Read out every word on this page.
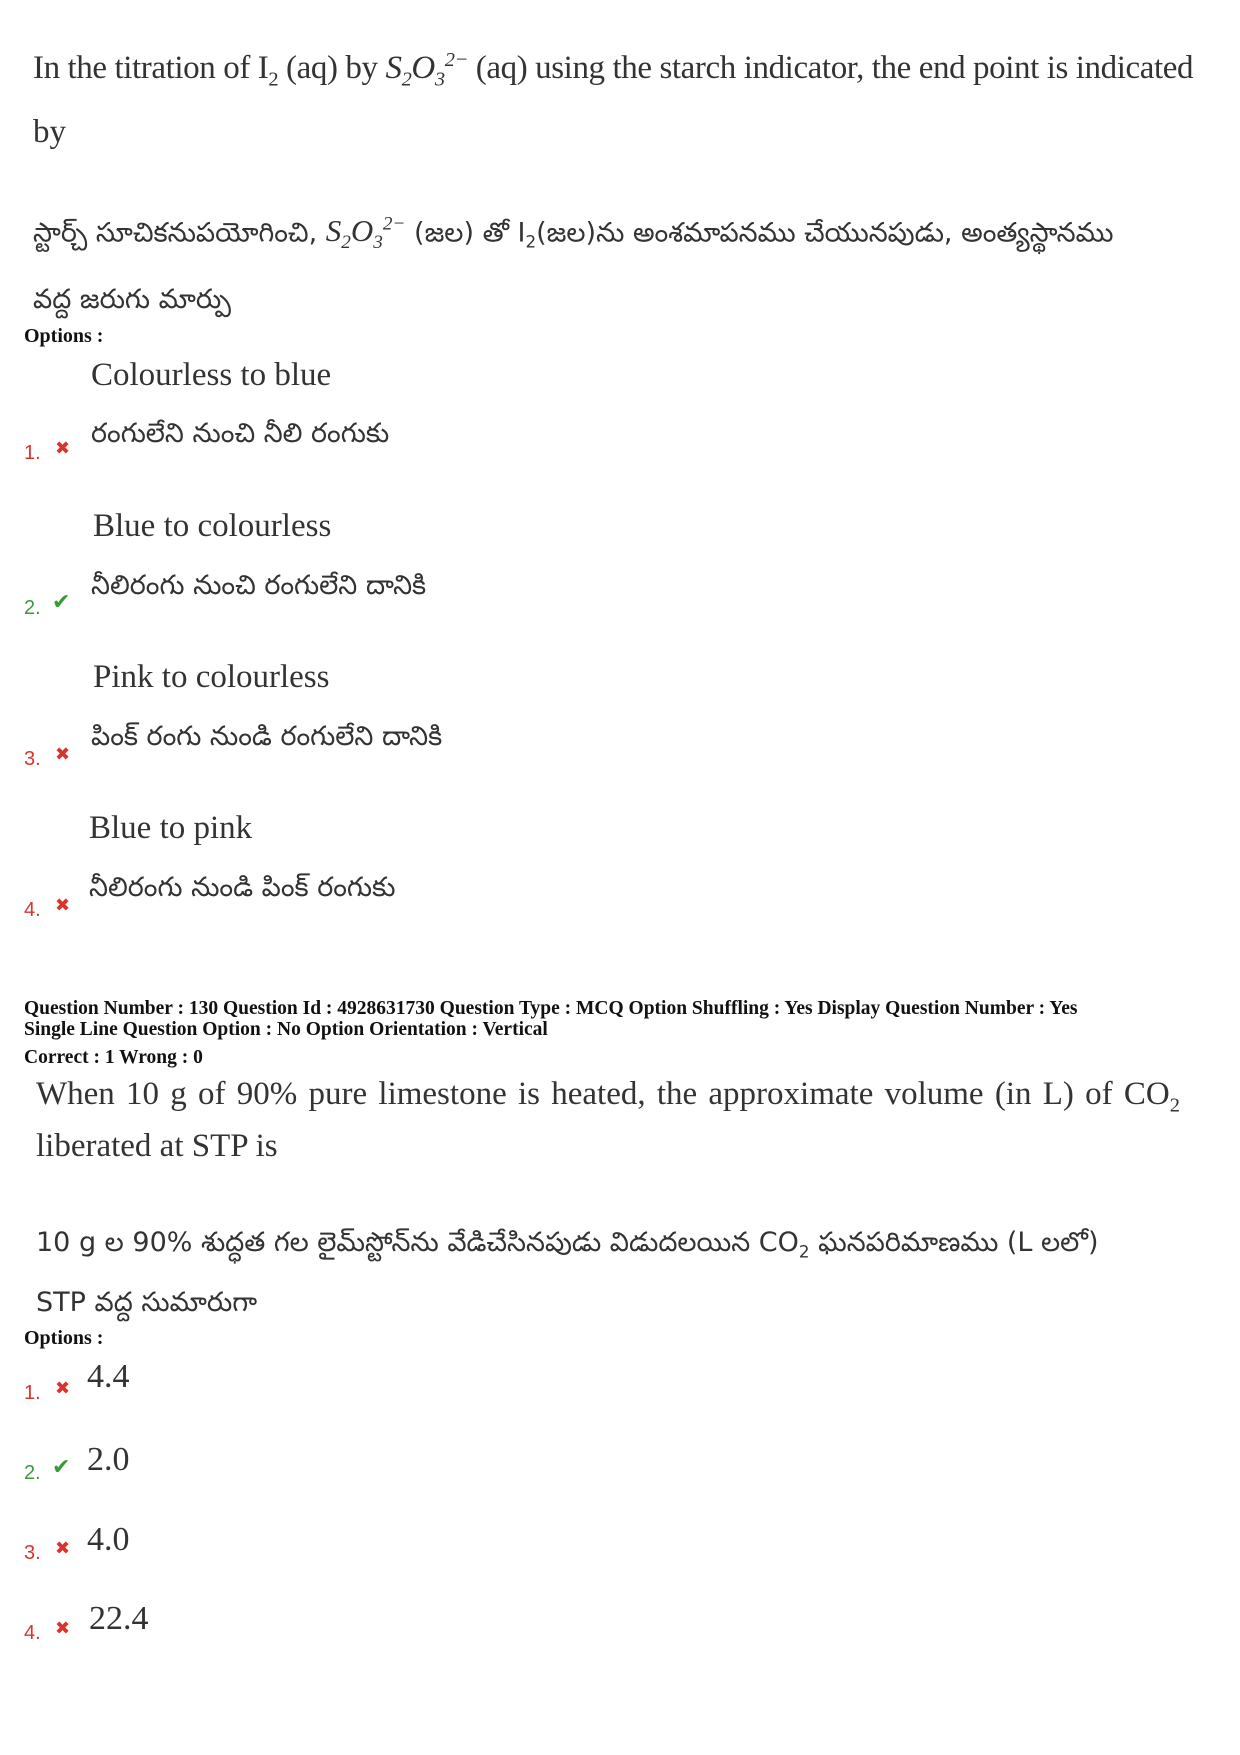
In the titration of $I_2$ (aq) by $S_2O_3^{2-}$ (aq) using the starch indicator, the end point is indicated
by
స్టార్చ్ సూచికనుపయోగించి, $S_2O_3^{2-}$ (జల) తో $I_2(జల)ను$ అంశమాపనము చేయునపుడు, అంత్యస్థానము
వద్ద జరుగు మార్పు
Options :
Colourless to blue
రంగులేని నుంచి నీలి రంగుకు
1. ✖
Blue to colourless
నీలిరంగు నుంచి రంగులేని దానికి
2. ✔
Pink to colourless
పింక్ రంగు నుండి రంగులేని దానికి
3. ✖
Blue to pink
నీలిరంగు నుండి పింక్ రంగుకు
4. ✖
Question Number : 130 Question Id : 4928631730 Question Type : MCQ Option Shuffling : Yes Display Question Number : Yes
Single Line Question Option : No Option Orientation : Vertical
Correct : 1 Wrong : 0
When 10 g of 90% pure limestone is heated, the approximate volume (in L) of $CO_2$
liberated at STP is
10 g ల 90% శుద్ధత గల లైమ్‌స్టోన్‌ను వేడిచేసినపుడు విడుదలయిన $CO_2$ ఘనపరిమాణము (L లలో)
STP వద్ద సుమారుగా
Options :
1. ✖ 4.4
2. ✔ 2.0
3. ✖ 4.0
4. ✖ 22.4
